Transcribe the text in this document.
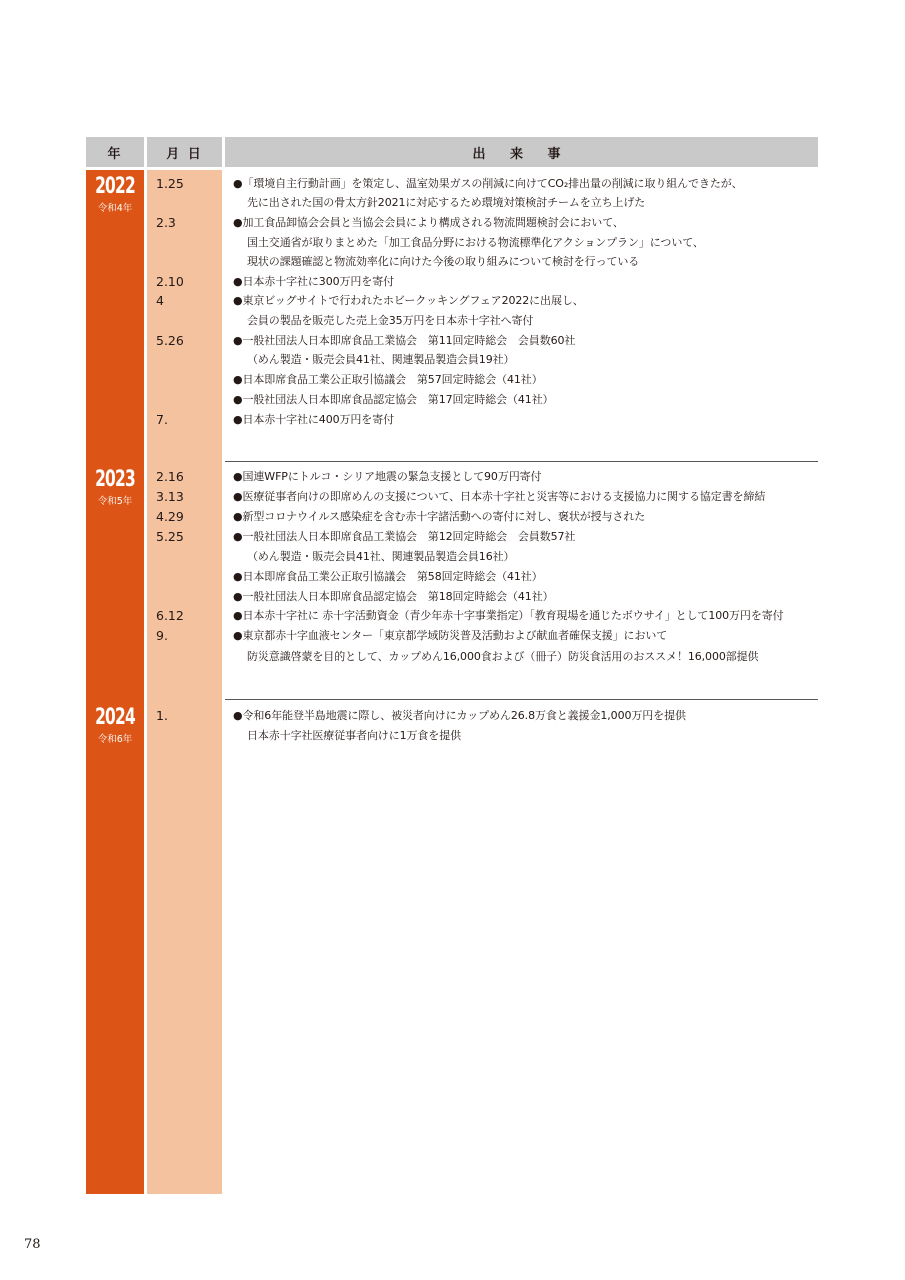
年	月 日	出 来 事
2022
令和4年
2023
令和5年
2024
令和6年
1.25
2.3
2.10
4
5.26
7.
2.16
3.13
4.29
5.25
6.12
9.
1.
●「環境自主行動計画」を策定し、温室効果ガスの削減に向けてCO₂排出量の削減に取り組んできたが、
先に出された国の骨太方針2021に対応するため環境対策検討チームを立ち上げた
●加工食品卸協会会員と当協会会員により構成される物流問題検討会において、
国土交通省が取りまとめた「加工食品分野における物流標準化アクションプラン」について、
現状の課題確認と物流効率化に向けた今後の取り組みについて検討を行っている
●日本赤十字社に300万円を寄付
●東京ビッグサイトで行われたホビークッキングフェア2022に出展し、
会員の製品を販売した売上金35万円を日本赤十字社へ寄付
●一般社団法人日本即席食品工業協会　第11回定時総会　会員数60社
（めん製造・販売会員41社、関連製品製造会員19社）
●日本即席食品工業公正取引協議会　第57回定時総会（41社）
●一般社団法人日本即席食品認定協会　第17回定時総会（41社）
●日本赤十字社に400万円を寄付
●国連WFPにトルコ・シリア地震の緊急支援として90万円寄付
●医療従事者向けの即席めんの支援について、日本赤十字社と災害等における支援協力に関する協定書を締結
●新型コロナウイルス感染症を含む赤十字諸活動への寄付に対し、褒状が授与された
●一般社団法人日本即席食品工業協会　第12回定時総会　会員数57社
（めん製造・販売会員41社、関連製品製造会員16社）
●日本即席食品工業公正取引協議会　第58回定時総会（41社）
●一般社団法人日本即席食品認定協会　第18回定時総会（41社）
●日本赤十字社に 赤十字活動資金（青少年赤十字事業指定）「教育現場を通じたボウサイ」として100万円を寄付
●東京都赤十字血液センター「東京都学域防災普及活動および献血者確保支援」において
防災意識啓蒙を目的として、カップめん16,000食および（冊子）防災食活用のおススメ！16,000部提供
●令和6年能登半島地震に際し、被災者向けにカップめん26.8万食と義援金1,000万円を提供
日本赤十字社医療従事者向けに1万食を提供
78
